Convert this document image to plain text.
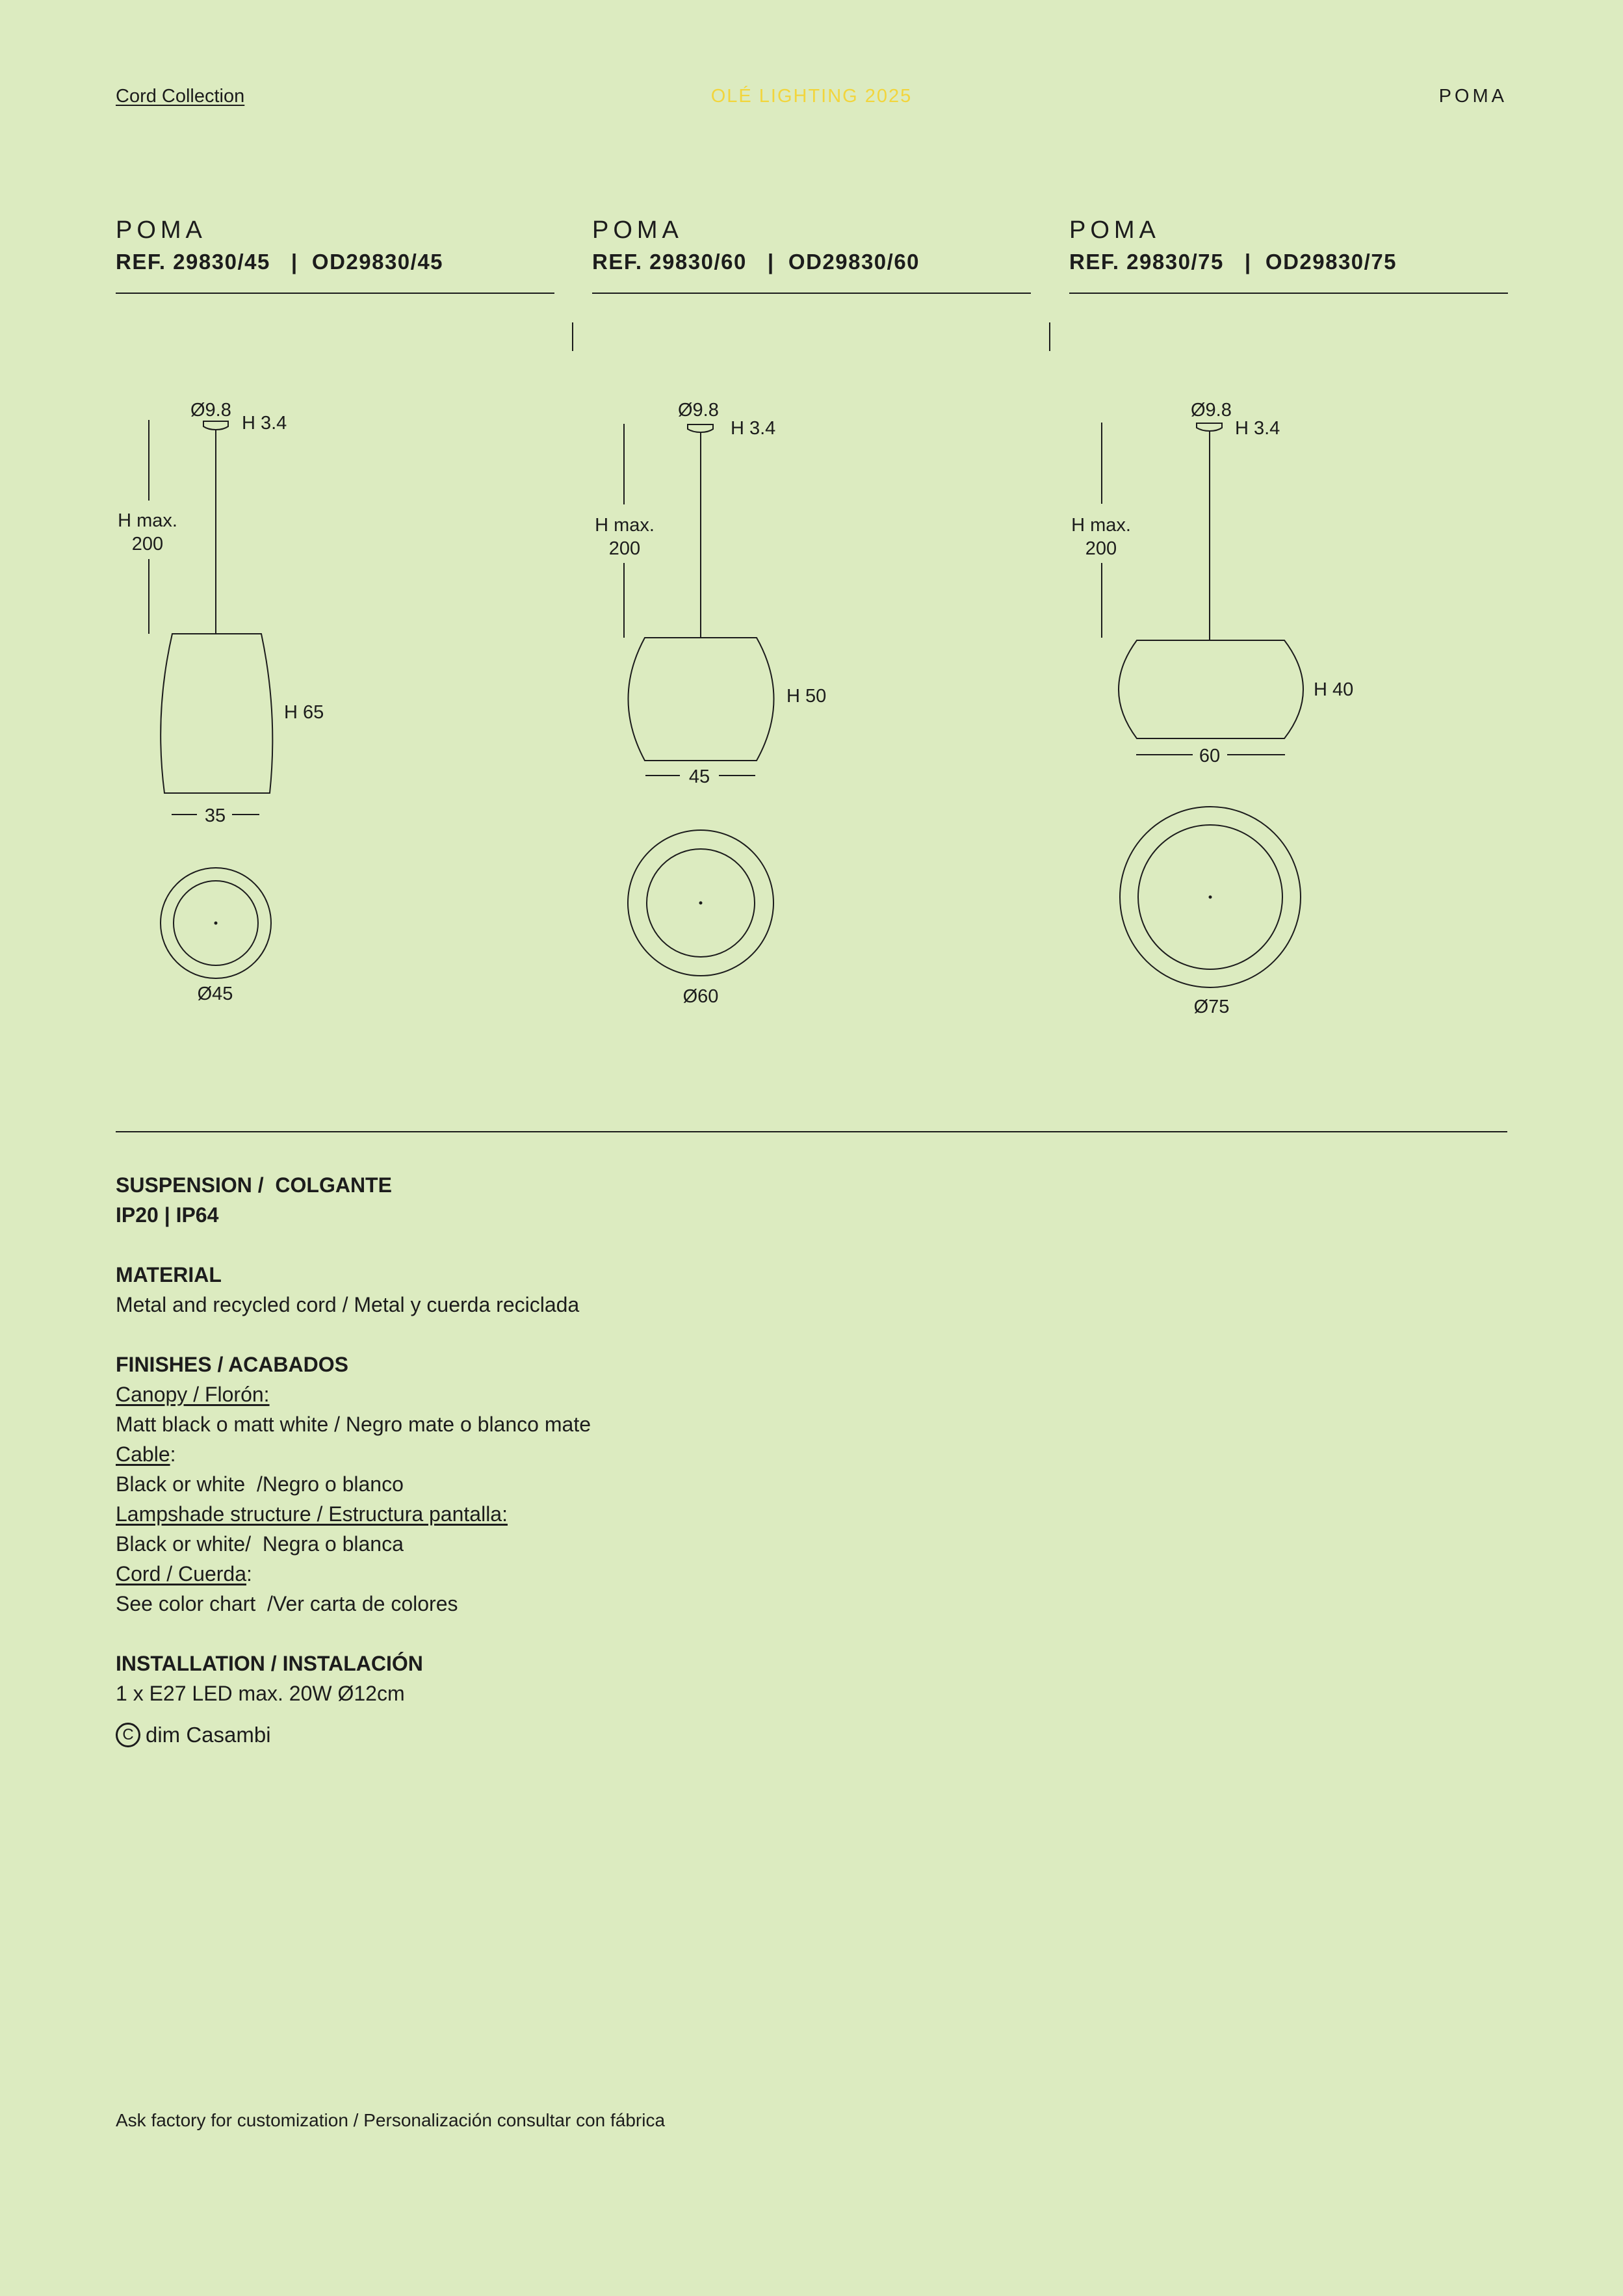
Cord Collection	OLÉ LIGHTING 2025	POMA
POMA
REF. 29830/45   |  OD29830/45
POMA
REF. 29830/60   |  OD29830/60
POMA
REF. 29830/75   |  OD29830/75
Ø9.8
H 3.4
H max.
200
H 65
35
Ø45
Ø9.8
H 3.4
H max.
200
H 50
45
Ø60
Ø9.8
H 3.4
H max.
200
H 40
60
Ø75
SUSPENSION /  COLGANTE
IP20 | IP64
MATERIAL
Metal and recycled cord / Metal y cuerda reciclada
FINISHES / ACABADOS
Canopy / Florón:
Matt black o matt white / Negro mate o blanco mate
Cable:
Black or white  /Negro o blanco
Lampshade structure / Estructura pantalla:
Black or white/  Negra o blanca
Cord / Cuerda:
See color chart  /Ver carta de colores
INSTALLATION / INSTALACIÓN
1 x E27 LED max. 20W Ø12cm
C dim Casambi
Ask factory for customization / Personalización consultar con fábrica
